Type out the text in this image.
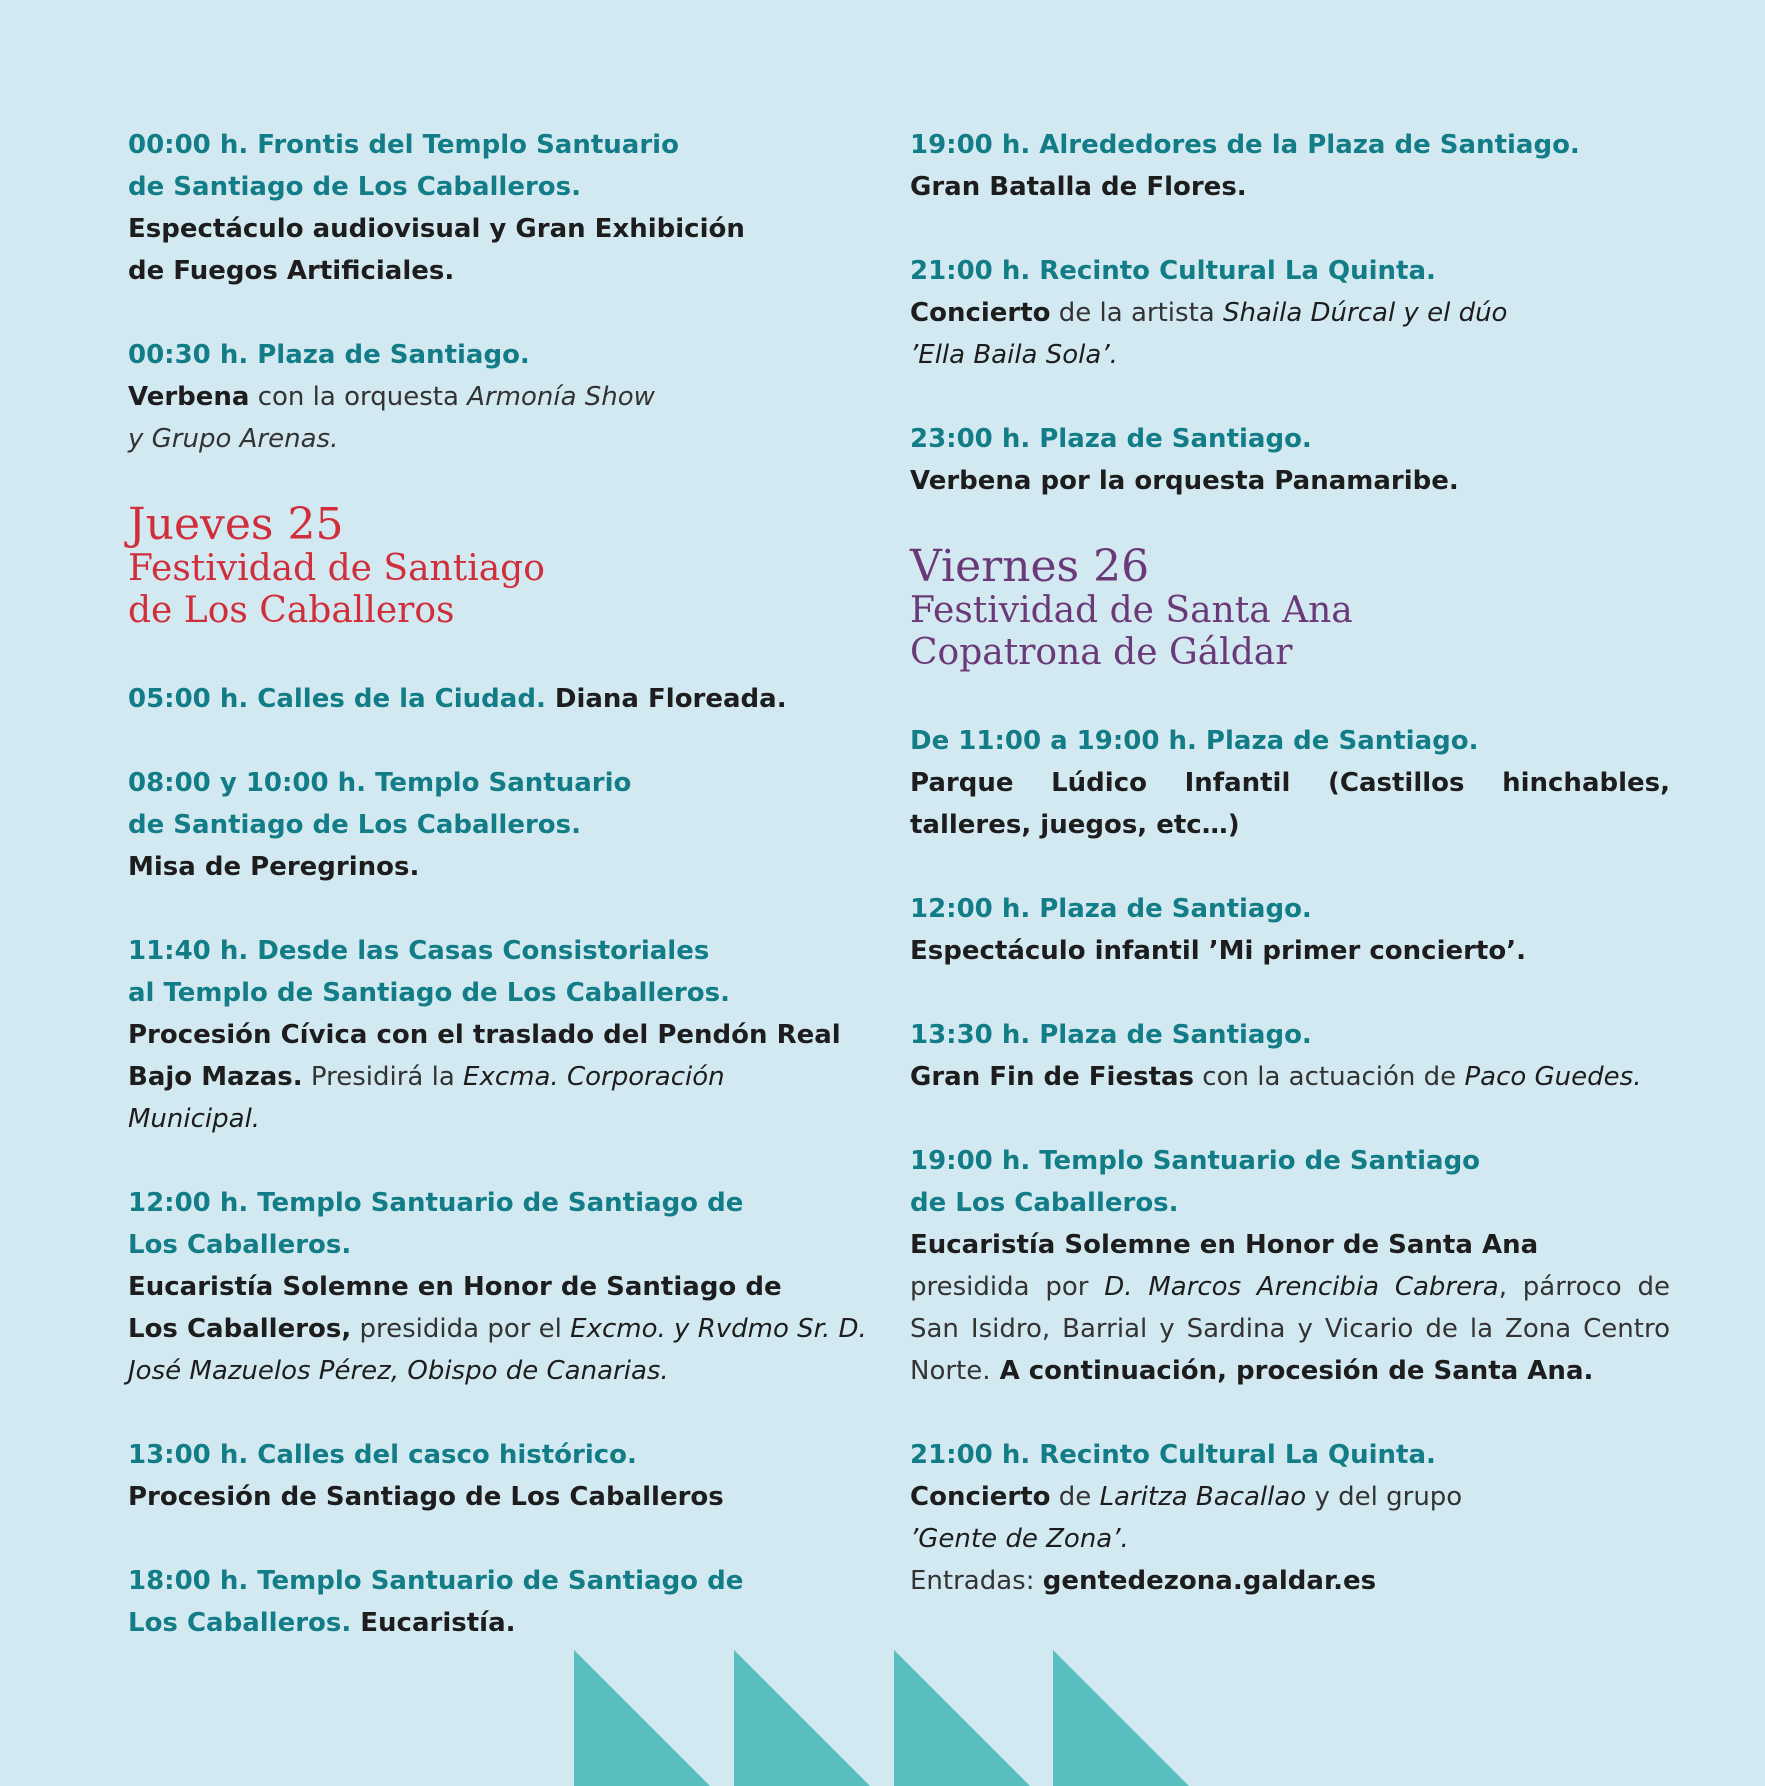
00:00 h. Frontis del Templo Santuario

de Santiago de Los Caballeros.

Espectáculo audiovisual y Gran Exhibición

de Fuegos Artificiales.

00:30 h. Plaza de Santiago.

Verbena con la orquesta Armonía Show

y Grupo Arenas.

Jueves 25
Festividad de Santiago
de Los Caballeros

05:00 h. Calles de la Ciudad. Diana Floreada.

08:00 y 10:00 h. Templo Santuario

de Santiago de Los Caballeros.

Misa de Peregrinos.

11:40 h. Desde las Casas Consistoriales

al Templo de Santiago de Los Caballeros.

Procesión Cívica con el traslado del Pendón Real

Bajo Mazas. Presidirá la Excma. Corporación

Municipal.

12:00 h. Templo Santuario de Santiago de

Los Caballeros.

Eucaristía Solemne en Honor de Santiago de

Los Caballeros, presidida por el Excmo. y Rvdmo Sr. D.

José Mazuelos Pérez, Obispo de Canarias.

13:00 h. Calles del casco histórico.

Procesión de Santiago de Los Caballeros

18:00 h. Templo Santuario de Santiago de

Los Caballeros. Eucaristía.

19:00 h. Alrededores de la Plaza de Santiago.

Gran Batalla de Flores.

21:00 h. Recinto Cultural La Quinta.

Concierto de la artista Shaila Dúrcal y el dúo

’Ella Baila Sola’.

23:00 h. Plaza de Santiago.

Verbena por la orquesta Panamaribe.

Viernes 26
Festividad de Santa Ana
Copatrona de Gáldar

De 11:00 a 19:00 h. Plaza de Santiago.

Parque Lúdico Infantil (Castillos hinchables, talleres, juegos, etc…)

12:00 h. Plaza de Santiago.

Espectáculo infantil ’Mi primer concierto’.

13:30 h. Plaza de Santiago.

Gran Fin de Fiestas con la actuación de Paco Guedes.

19:00 h. Templo Santuario de Santiago

de Los Caballeros.

Eucaristía Solemne en Honor de Santa Ana

presidida por D. Marcos Arencibia Cabrera, párroco de San Isidro, Barrial y Sardina y Vicario de la Zona Centro Norte. A continuación, procesión de Santa Ana.

21:00 h. Recinto Cultural La Quinta.

Concierto de Laritza Bacallao y del grupo

’Gente de Zona’.

Entradas: gentedezona.galdar.es
